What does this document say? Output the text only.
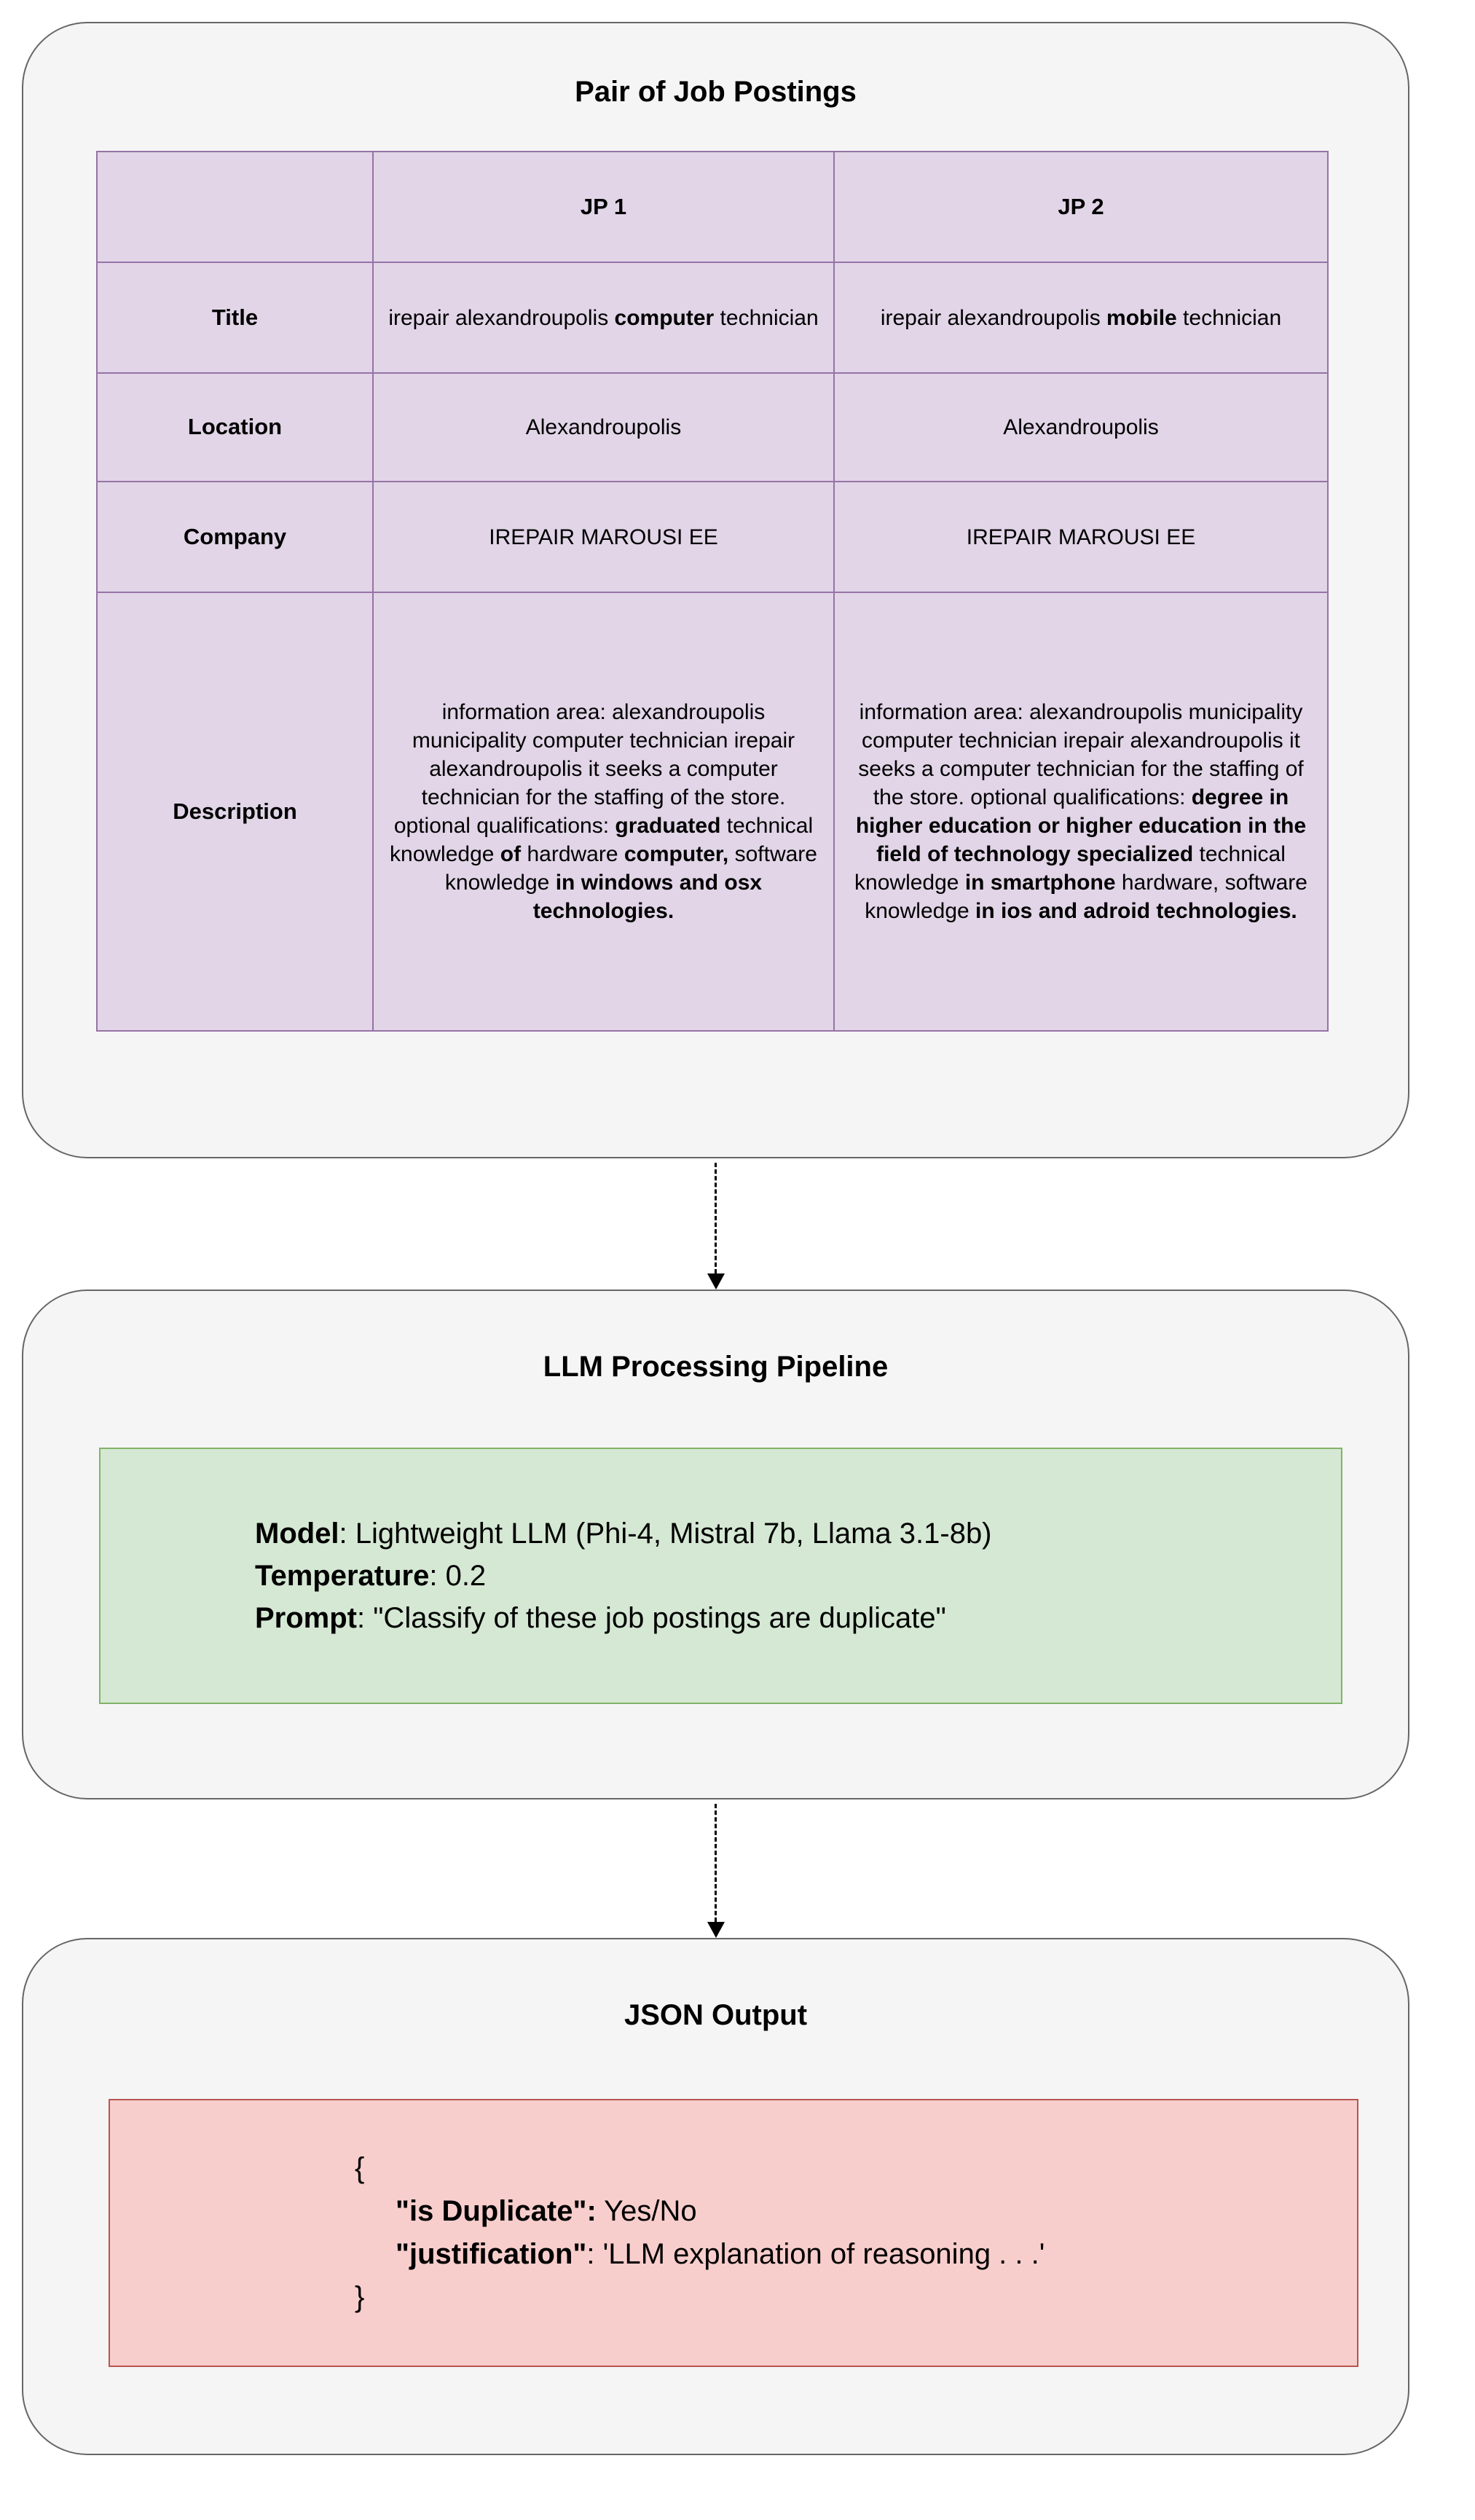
Pair of Job Postings
	JP 1	JP 2
Title	irepair alexandroupolis computer technician	irepair alexandroupolis mobile technician
Location	Alexandroupolis	Alexandroupolis
Company	IREPAIR MAROUSI EE	IREPAIR MAROUSI EE
Description	information area: alexandroupolis municipality computer technician irepair alexandroupolis it seeks a computer technician for the staffing of the store. optional qualifications: graduated technical knowledge of hardware computer, software knowledge in windows and osx technologies.	information area: alexandroupolis municipality computer technician irepair alexandroupolis it seeks a computer technician for the staffing of the store. optional qualifications: degree in higher education or higher education in the field of technology specialized technical knowledge in smartphone hardware, software knowledge in ios and adroid technologies.
LLM Processing Pipeline

Model: Lightweight LLM (Phi-4, Mistral 7b, Llama 3.1-8b)

Temperature: 0.2

Prompt: "Classify of these job postings are duplicate"

JSON Output

{

"is Duplicate": Yes/No

"justification": 'LLM explanation of reasoning . . .'

}
